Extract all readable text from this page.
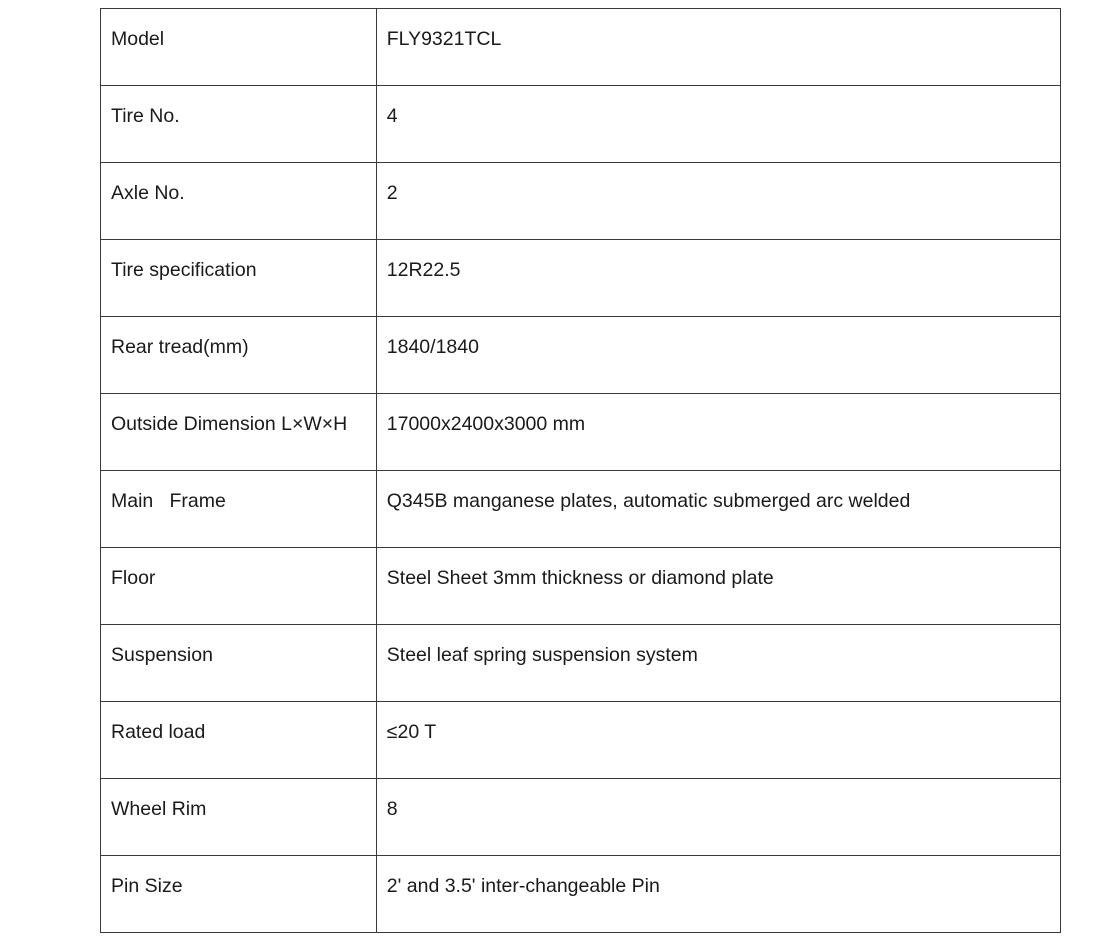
Model	FLY9321TCL

Tire No.	4

Axle No.	2

Tire specification	12R22.5

Rear tread(mm)	1840/1840

Outside Dimension L×W×H	17000x2400x3000 mm

Main   Frame	Q345B manganese plates, automatic submerged arc welded

Floor	Steel Sheet 3mm thickness or diamond plate

Suspension	Steel leaf spring suspension system

Rated load	≤20 T

Wheel Rim	8

Pin Size	2' and 3.5' inter-changeable Pin
